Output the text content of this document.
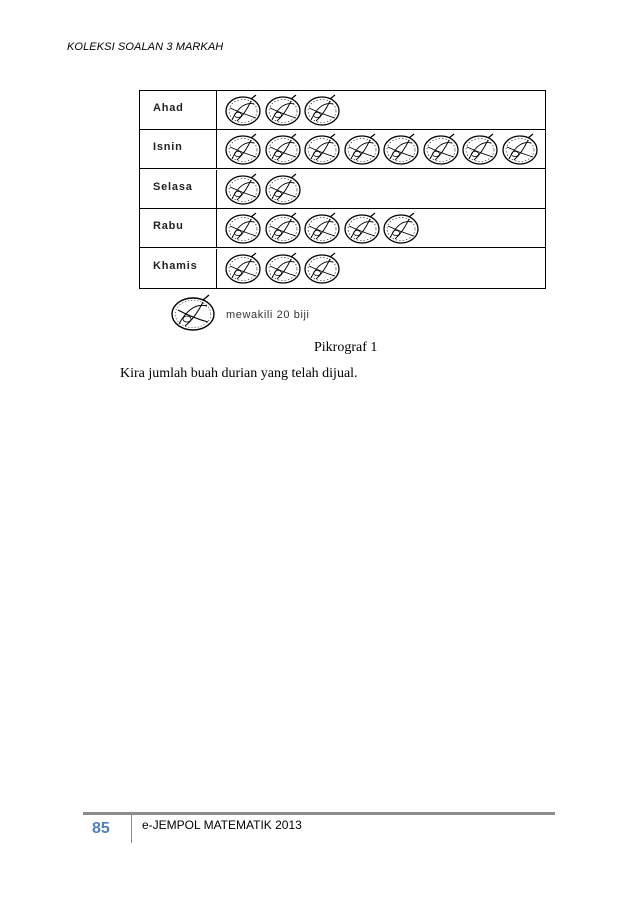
KOLEKSI SOALAN 3 MARKAH
Ahad
Isnin
Selasa
Rabu
Khamis
mewakili 20 biji
Pikrograf 1
Kira jumlah buah durian yang telah dijual.
85	e-JEMPOL MATEMATIK 2013
